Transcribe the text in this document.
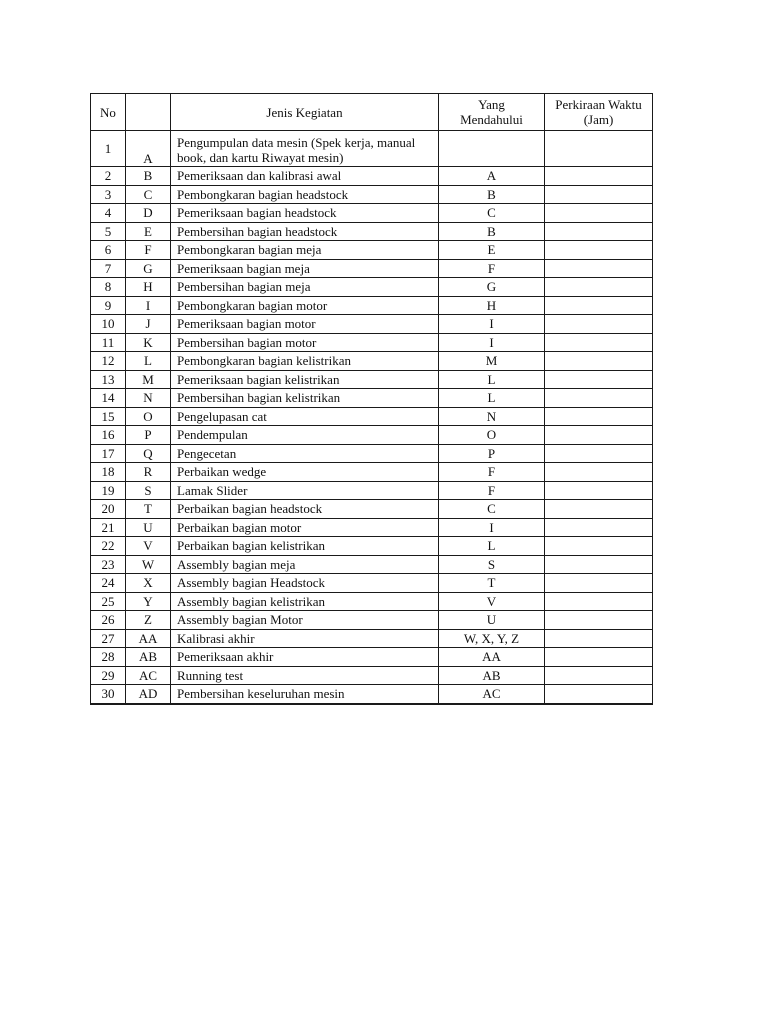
No		Jenis Kegiatan	Yang Mendahului	Perkiraan Waktu (Jam)
1	A	Pengumpulan data mesin (Spek kerja, manual book, dan kartu Riwayat mesin)		
2	B	Pemeriksaan dan kalibrasi awal	A	
3	C	Pembongkaran bagian headstock	B	
4	D	Pemeriksaan bagian headstock	C	
5	E	Pembersihan bagian headstock	B	
6	F	Pembongkaran bagian meja	E	
7	G	Pemeriksaan bagian meja	F	
8	H	Pembersihan bagian meja	G	
9	I	Pembongkaran bagian motor	H	
10	J	Pemeriksaan bagian motor	I	
11	K	Pembersihan bagian motor	I	
12	L	Pembongkaran bagian kelistrikan	M	
13	M	Pemeriksaan bagian kelistrikan	L	
14	N	Pembersihan bagian kelistrikan	L	
15	O	Pengelupasan cat	N	
16	P	Pendempulan	O	
17	Q	Pengecetan	P	
18	R	Perbaikan wedge	F	
19	S	Lamak Slider	F	
20	T	Perbaikan bagian headstock	C	
21	U	Perbaikan bagian motor	I	
22	V	Perbaikan bagian kelistrikan	L	
23	W	Assembly bagian meja	S	
24	X	Assembly bagian Headstock	T	
25	Y	Assembly bagian kelistrikan	V	
26	Z	Assembly bagian Motor	U	
27	AA	Kalibrasi akhir	W, X, Y, Z	
28	AB	Pemeriksaan akhir	AA	
29	AC	Running test	AB	
30	AD	Pembersihan keseluruhan mesin	AC	
